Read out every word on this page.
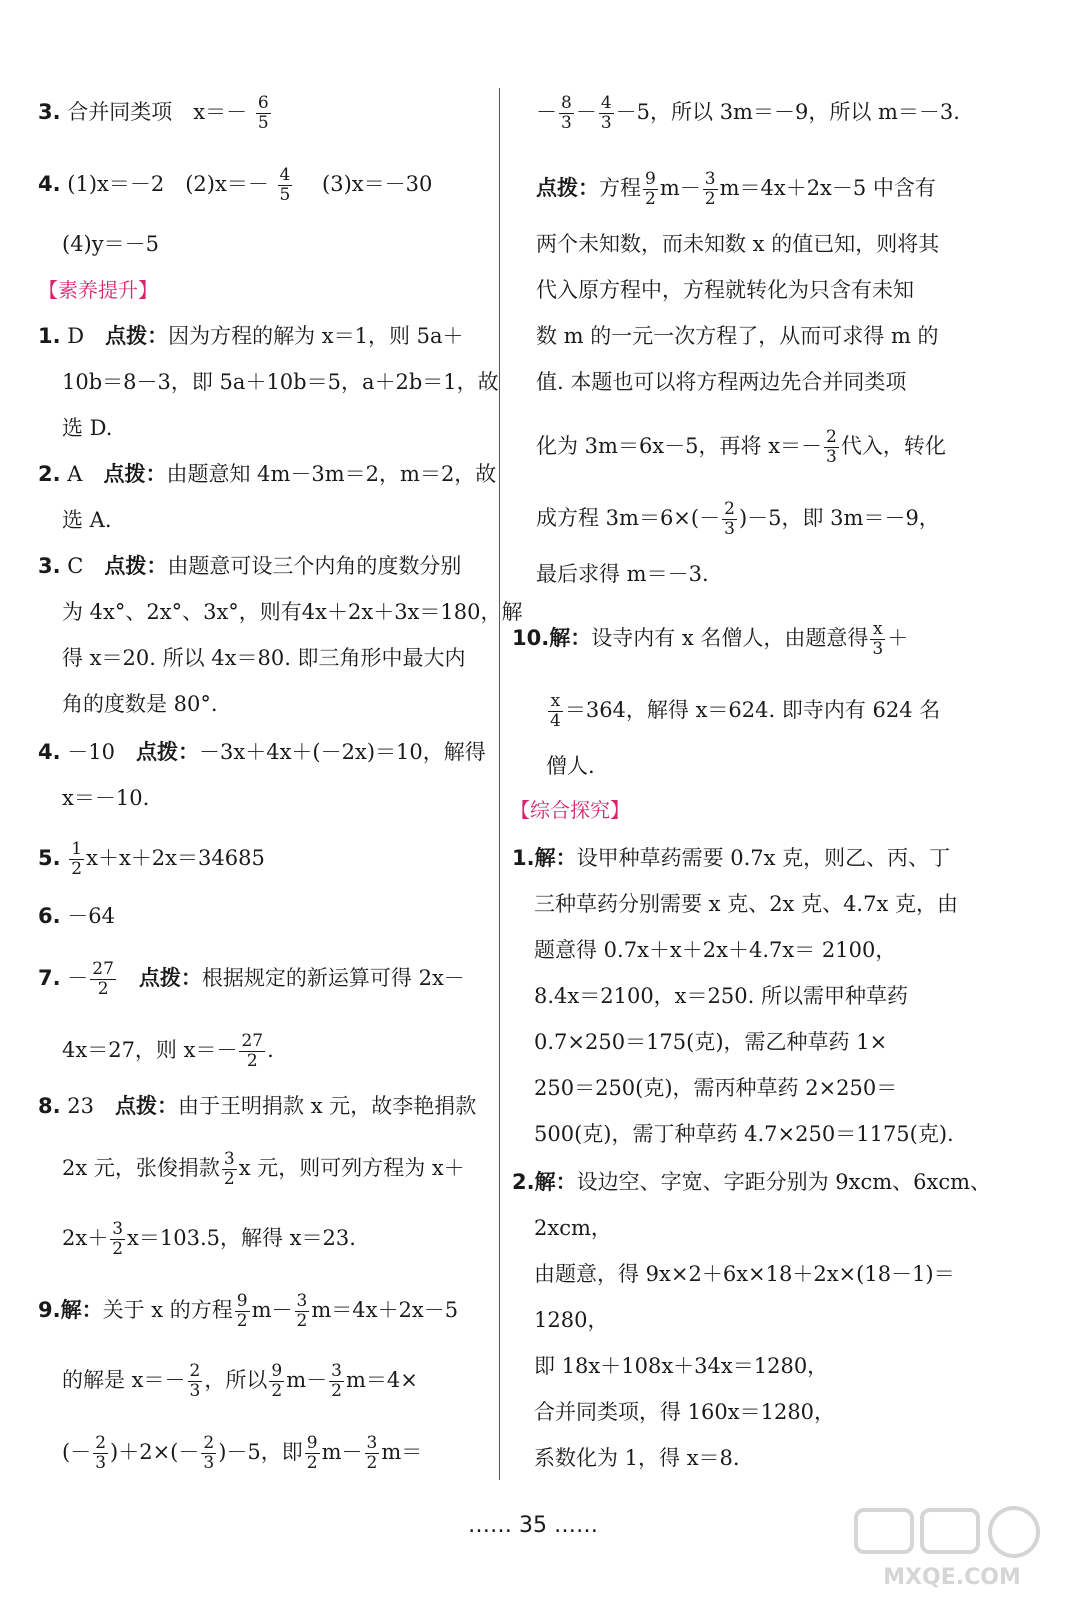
3. 合并同类项　$x=- \frac{6}{5}$
4. (1)x＝－2　$(2)x=- \frac{4}{5}$ 　(3)x＝－30
(4)y＝－5
【素养提升】
1. D　点拨：因为方程的解为 x＝1，则 5a＋
10b＝8－3，即 5a＋10b＝5，a＋2b＝1，故
选 D.
2. A　点拨：由题意知 4m－3m＝2，m＝2，故
选 A.
3. C　点拨：由题意可设三个内角的度数分别
为 4x°、2x°、3x°，则有4x＋2x＋3x＝180，解
得 x＝20. 所以 4x＝80. 即三角形中最大内
角的度数是 80°.
4. －10　点拨：－3x＋4x＋(－2x)＝10，解得
x＝－10.
5. $\frac{1}{2} x+x+2x=34685$
6. －64
7. － $\frac{27}{2}$
　 点拨：根据规定的新运算可得 2x－
4x＝27，则 $x=- \frac{27}{2}$ .
8. 23　点拨：由于王明捐款 x 元，故李艳捐款
2x 元，张俊捐款 $\frac{3}{2}$ x 元，则可列方程为 x＋
$2x+ \frac{3}{2} x=103.5$，解得 x＝23.
9.解：关于 x 的方程 $\frac{9}{2} m- \frac{3}{2} m=4x+2x-5$
的解是 $x=- \frac{2}{3}$ ，所以 $\frac{9}{2} m- \frac{3}{2} m=4\times$
(－ $\frac{2}{3} )+2\times(- \frac{2}{3} )-5$，即 $\frac{9}{2} m- \frac{3}{2} m=$
－ $\frac{8}{3} - \frac{4}{3} -5$，所以 3m＝－9，所以 m＝－3.
点拨：方程 $\frac{9}{2} m- \frac{3}{2} m=4x+2x-5$ 中含有
两个未知数，而未知数 x 的值已知，则将其
代入原方程中，方程就转化为只含有未知
数 m 的一元一次方程了，从而可求得 m 的
值. 本题也可以将方程两边先合并同类项
化为 3m＝6x－5，再将 $x=- \frac{2}{3}$ 代入，转化
成方程 $3m=6\times(- \frac{2}{3} )-5$，即 3m＝－9，
最后求得 m＝－3.
10.解：设寺内有 x 名僧人，由题意得 $\frac{x}{3}$ ＋
$\frac{x}{4} =364$，解得 x＝624. 即寺内有 624 名
僧人.
【综合探究】
1.解：设甲种草药需要 0.7x 克，则乙、丙、丁
三种草药分别需要 x 克、2x 克、4.7x 克，由
题意得 0.7x＋x＋2x＋4.7x＝ 2100，
8.4x＝2100，x＝250. 所以需甲种草药
0.7×250＝175(克)，需乙种草药 1×
250＝250(克)，需丙种草药 2×250＝
500(克)，需丁种草药 4.7×250＝1175(克).
2.解：设边空、字宽、字距分别为 9xcm、6xcm、
2xcm，
由题意，得 9x×2＋6x×18＋2x×(18－1)＝
1280，
即 18x＋108x＋34x＝1280，
合并同类项，得 160x＝1280，
系数化为 1，得 x＝8.
…… 35 ……
MXQE.COM
